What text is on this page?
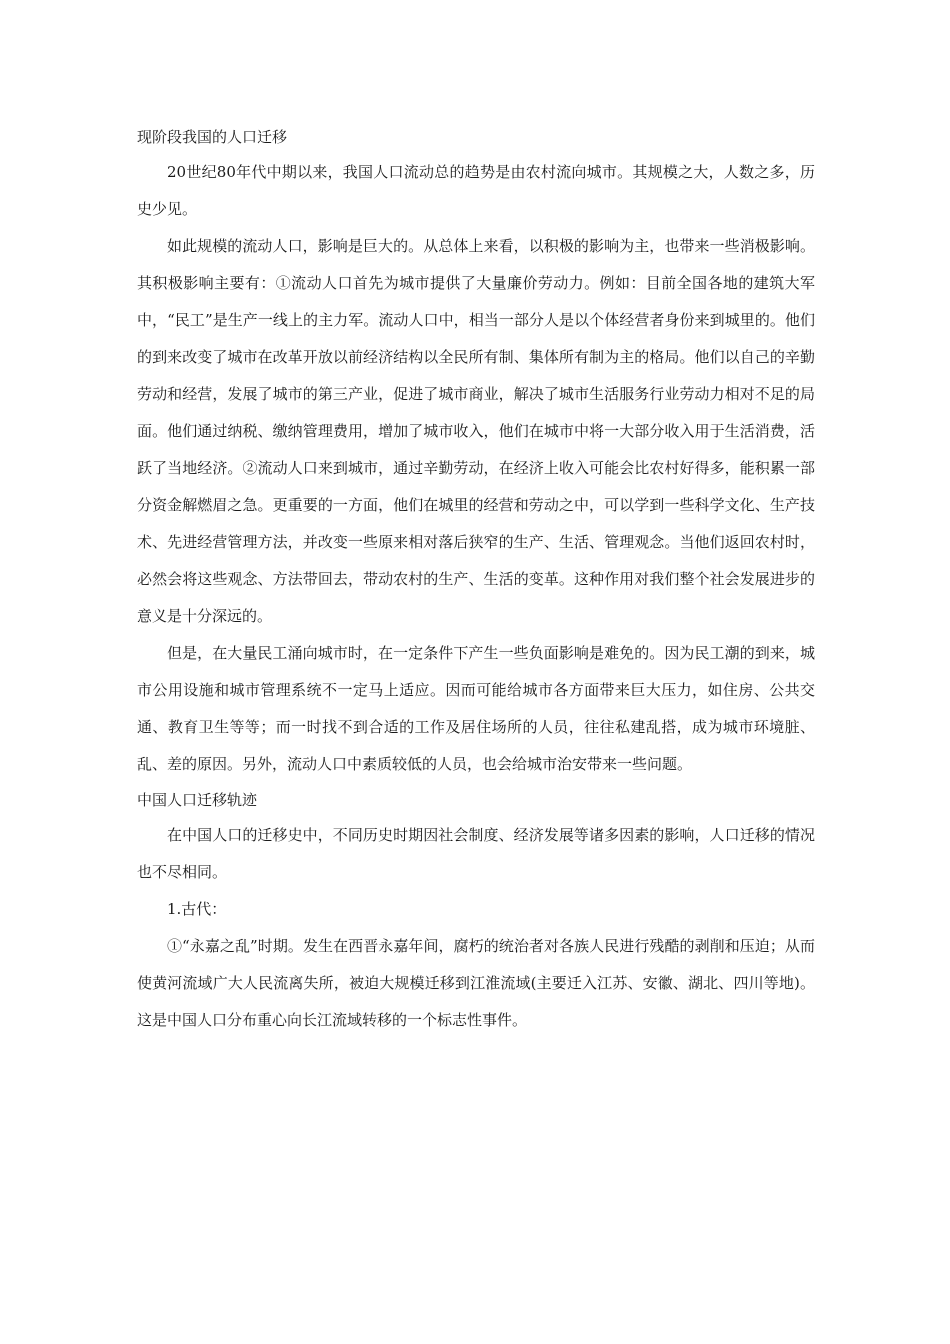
现阶段我国的人口迁移

20世纪80年代中期以来，我国人口流动总的趋势是由农村流向城市。其规模之大，人数之多，历史少见。

如此规模的流动人口，影响是巨大的。从总体上来看，以积极的影响为主，也带来一些消极影响。其积极影响主要有：①流动人口首先为城市提供了大量廉价劳动力。例如：目前全国各地的建筑大军中，“民工”是生产一线上的主力军。流动人口中，相当一部分人是以个体经营者身份来到城里的。他们的到来改变了城市在改革开放以前经济结构以全民所有制、集体所有制为主的格局。他们以自己的辛勤劳动和经营，发展了城市的第三产业，促进了城市商业，解决了城市生活服务行业劳动力相对不足的局面。他们通过纳税、缴纳管理费用，增加了城市收入，他们在城市中将一大部分收入用于生活消费，活跃了当地经济。②流动人口来到城市，通过辛勤劳动，在经济上收入可能会比农村好得多，能积累一部分资金解燃眉之急。更重要的一方面，他们在城里的经营和劳动之中，可以学到一些科学文化、生产技术、先进经营管理方法，并改变一些原来相对落后狭窄的生产、生活、管理观念。当他们返回农村时，必然会将这些观念、方法带回去，带动农村的生产、生活的变革。这种作用对我们整个社会发展进步的意义是十分深远的。

但是，在大量民工涌向城市时，在一定条件下产生一些负面影响是难免的。因为民工潮的到来，城市公用设施和城市管理系统不一定马上适应。因而可能给城市各方面带来巨大压力，如住房、公共交通、教育卫生等等；而一时找不到合适的工作及居住场所的人员，往往私建乱搭，成为城市环境脏、乱、差的原因。另外，流动人口中素质较低的人员，也会给城市治安带来一些问题。

中国人口迁移轨迹

在中国人口的迁移史中，不同历史时期因社会制度、经济发展等诸多因素的影响，人口迁移的情况也不尽相同。

1.古代：

①“永嘉之乱”时期。发生在西晋永嘉年间，腐朽的统治者对各族人民进行残酷的剥削和压迫；从而使黄河流域广大人民流离失所，被迫大规模迁移到江淮流域(主要迁入江苏、安徽、湖北、四川等地)。这是中国人口分布重心向长江流域转移的一个标志性事件。
